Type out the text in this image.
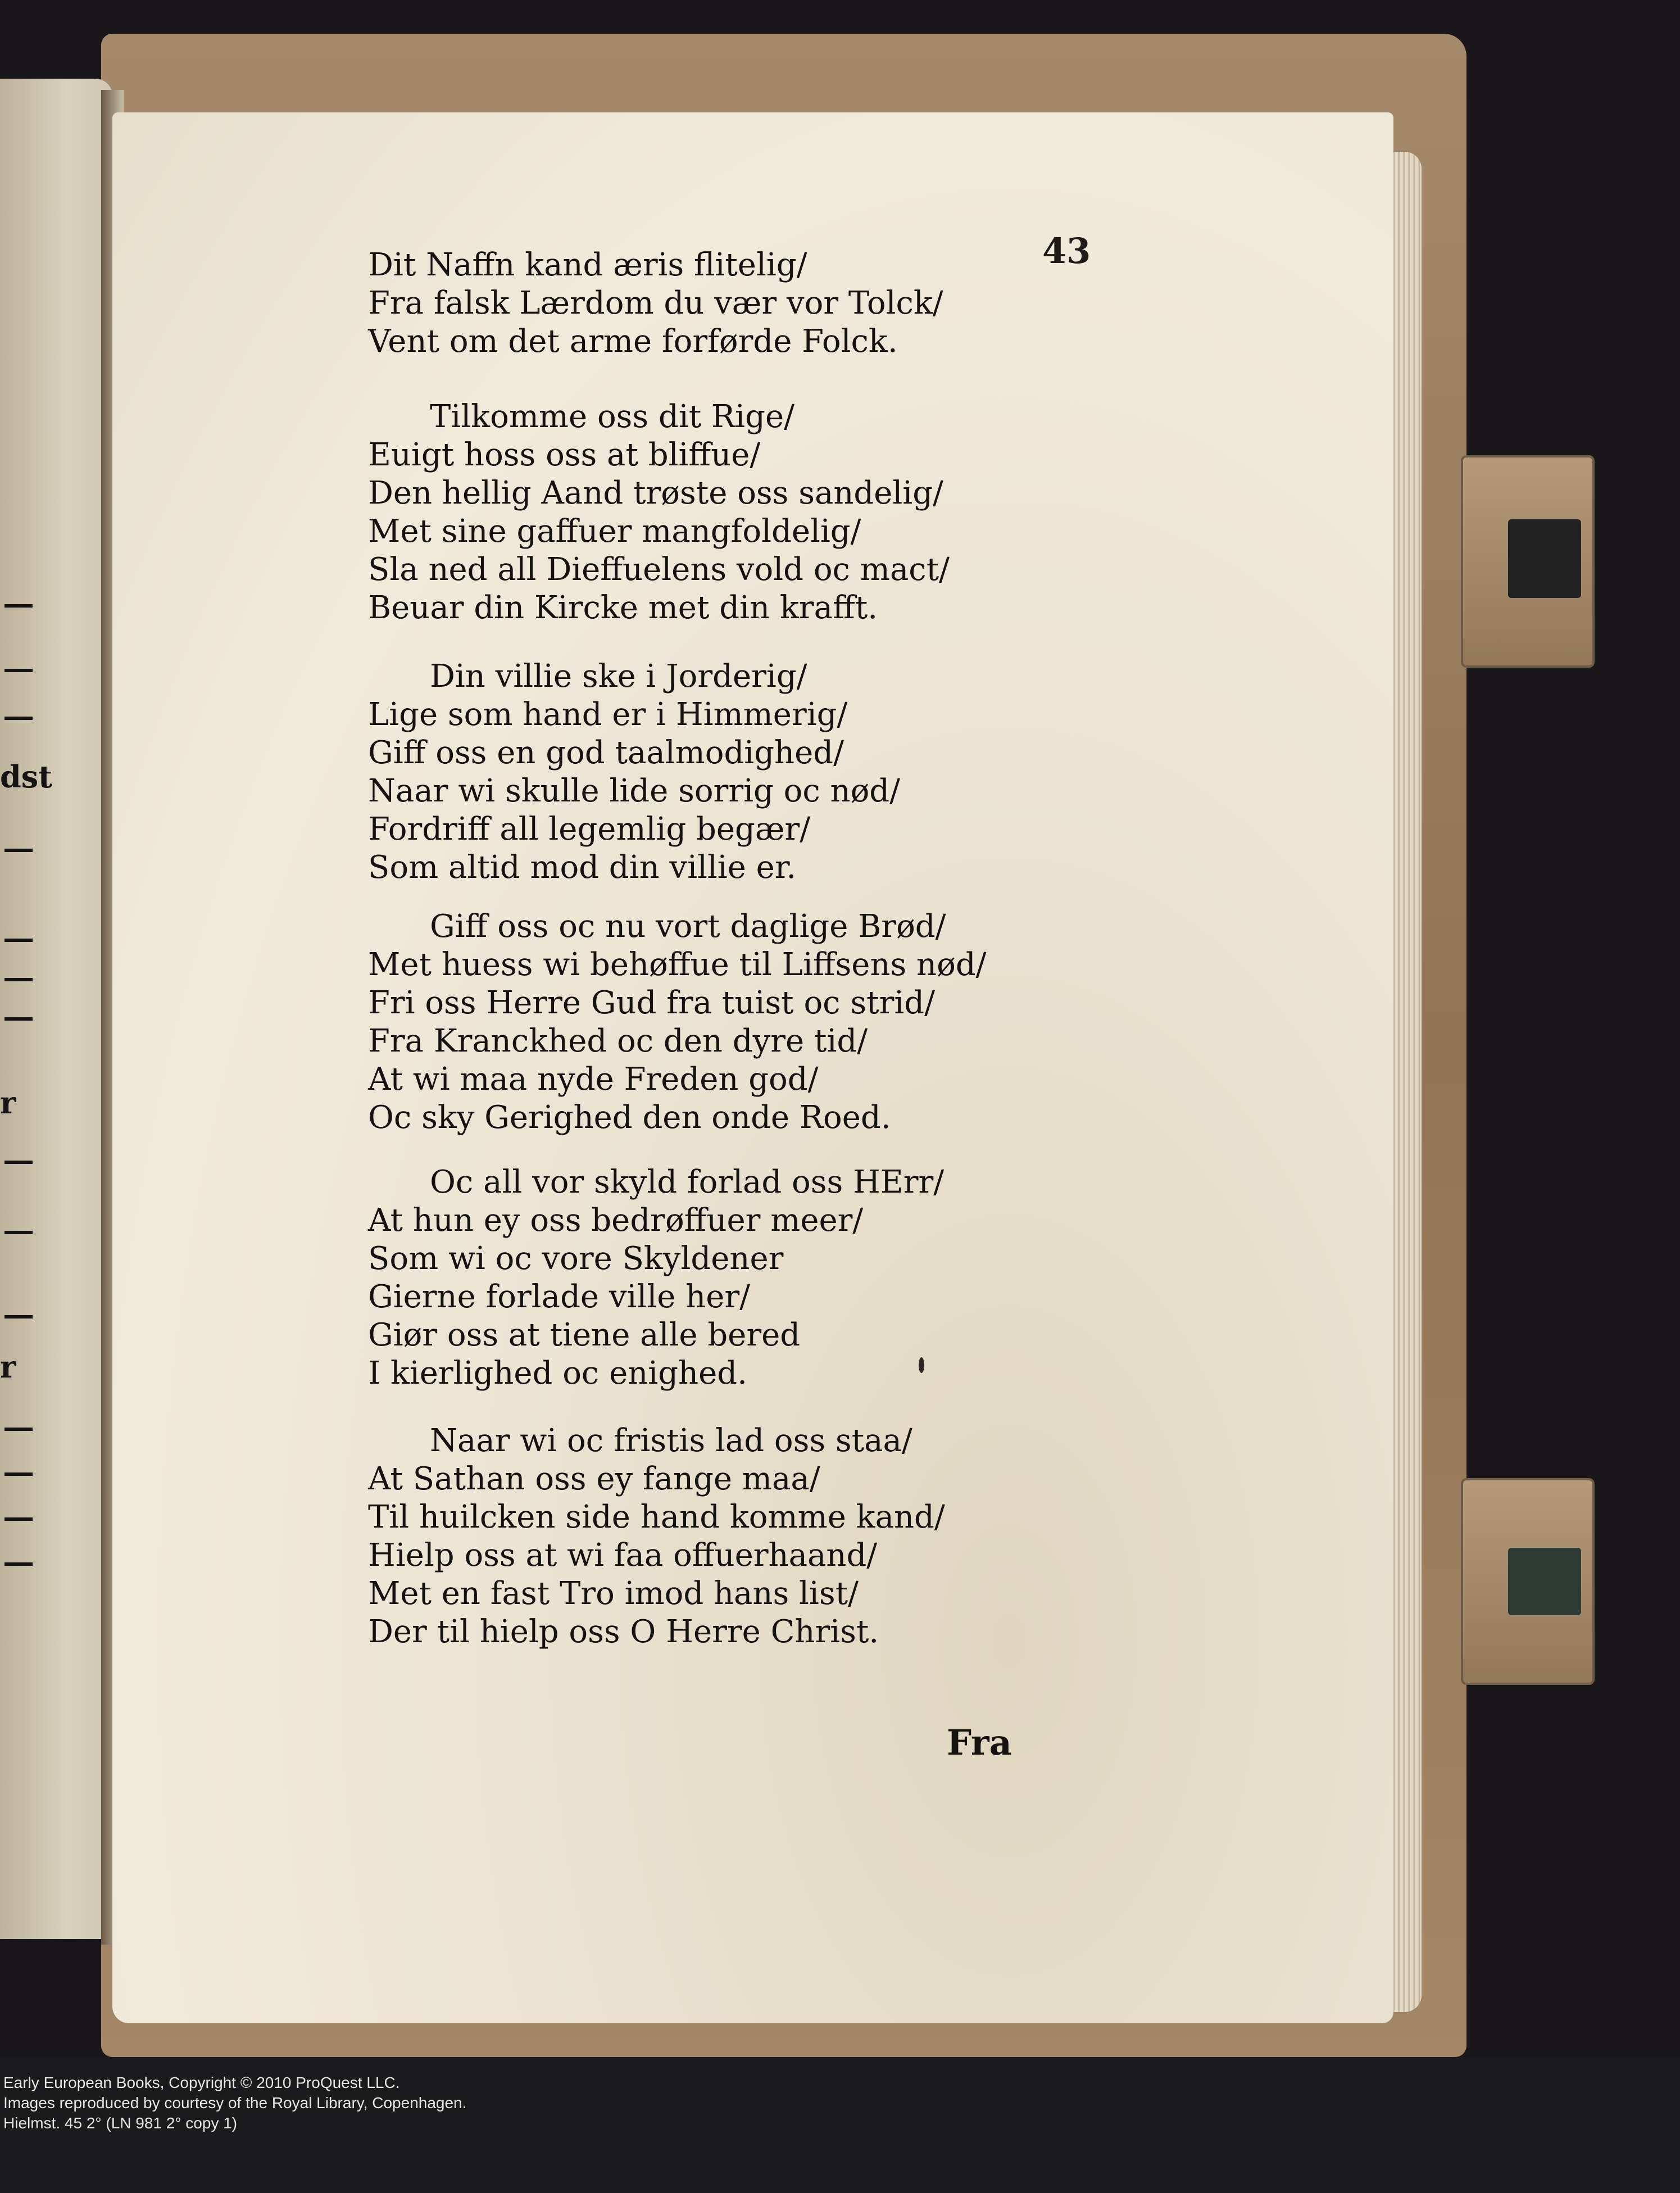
dst
r
r

43
Dit Naffn kand æris flitelig/
Fra falsk Lærdom du vær vor Tolck/
Vent om det arme forførde Folck.
Tilkomme oss dit Rige/
Euigt hoss oss at bliffue/
Den hellig Aand trøste oss sandelig/
Met sine gaffuer mangfoldelig/
Sla ned all Dieffuelens vold oc mact/
Beuar din Kircke met din krafft.
Din villie ske i Jorderig/
Lige som hand er i Himmerig/
Giff oss en god taalmodighed/
Naar wi skulle lide sorrig oc nød/
Fordriff all legemlig begær/
Som altid mod din villie er.
Giff oss oc nu vort daglige Brød/
Met huess wi behøffue til Liffsens nød/
Fri oss Herre Gud fra tuist oc strid/
Fra Kranckhed oc den dyre tid/
At wi maa nyde Freden god/
Oc sky Gerighed den onde Roed.
Oc all vor skyld forlad oss HErr/
At hun ey oss bedrøffuer meer/
Som wi oc vore Skyldener
Gierne forlade ville her/
Giør oss at tiene alle bered
I kierlighed oc enighed.
Naar wi oc fristis lad oss staa/
At Sathan oss ey fange maa/
Til huilcken side hand komme kand/
Hielp oss at wi faa offuerhaand/
Met en fast Tro imod hans list/
Der til hielp oss O Herre Christ.
Fra
Early European Books, Copyright © 2010 ProQuest LLC.
Images reproduced by courtesy of the Royal Library, Copenhagen.
Hielmst. 45 2° (LN 981 2° copy 1)
